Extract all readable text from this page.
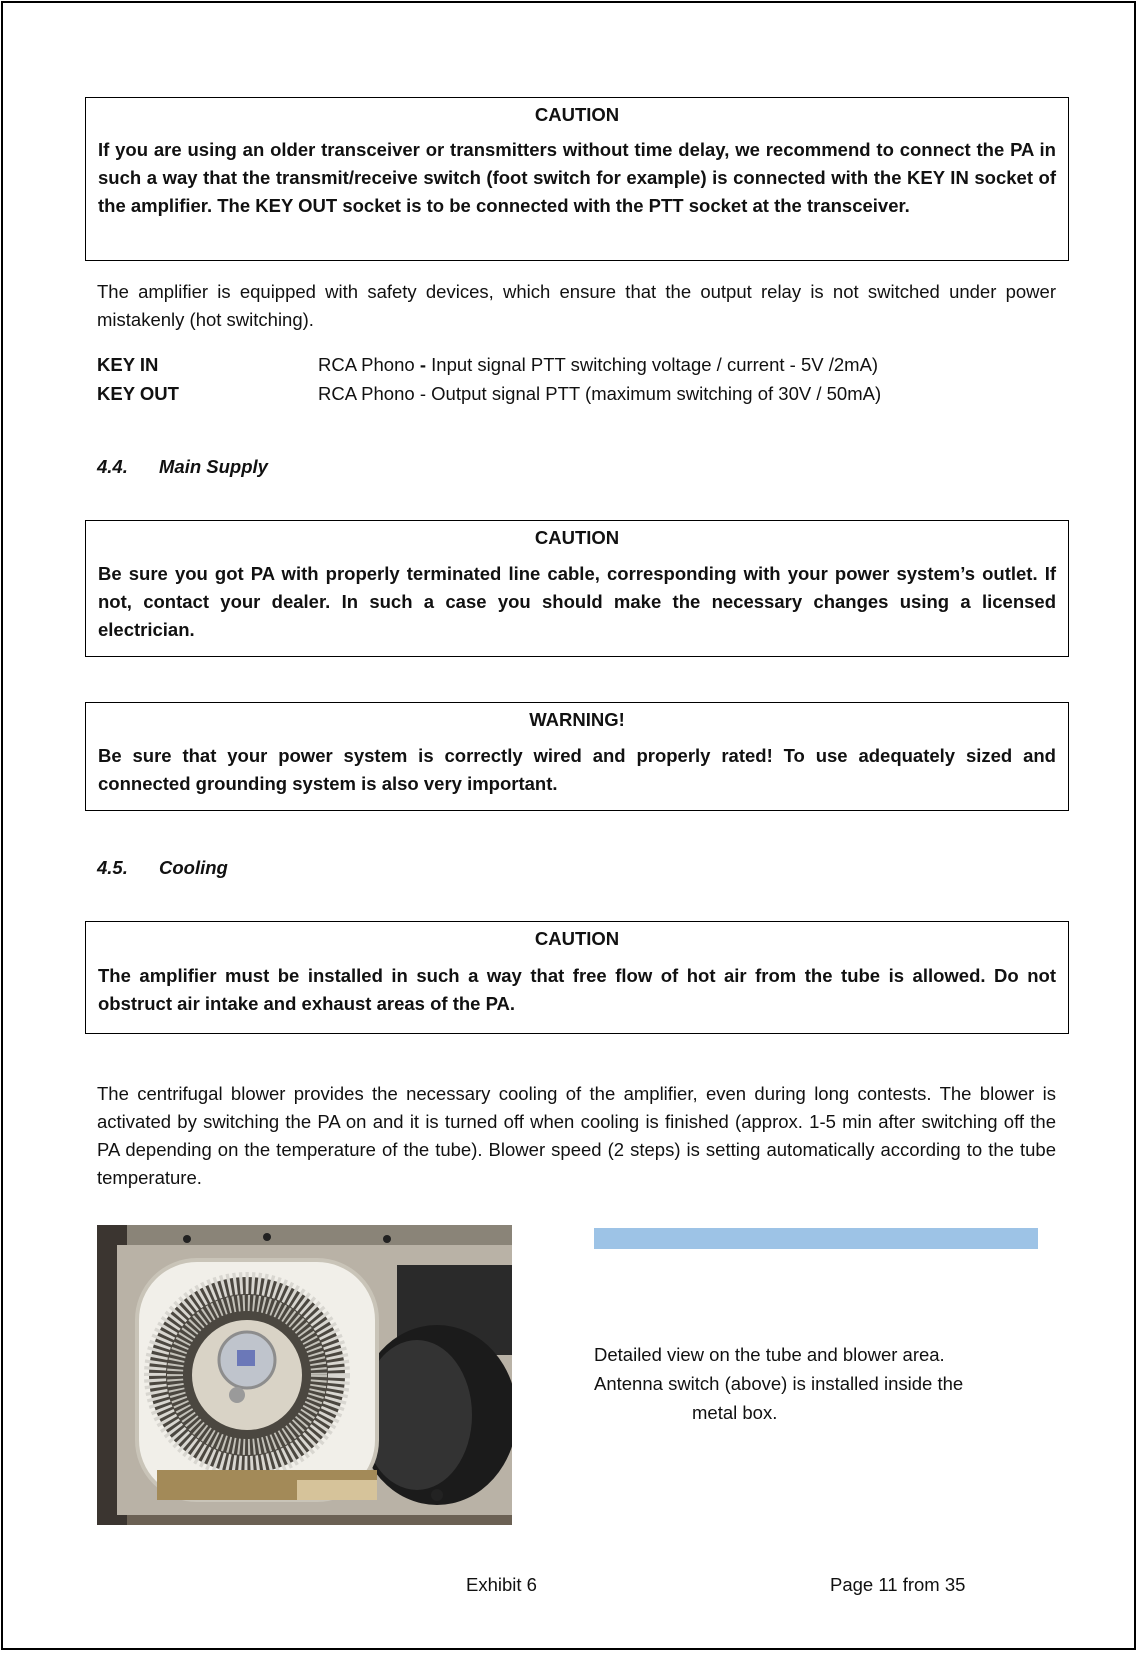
CAUTION
If you are using an older transceiver or transmitters without time delay, we recommend to connect the PA in such a way that the transmit/receive switch (foot switch for example) is connected with the KEY IN socket of the amplifier. The KEY OUT socket is to be connected with the PTT socket at the transceiver.
The amplifier is equipped with safety devices, which ensure that the output relay is not switched under power mistakenly (hot switching).
KEY IN	RCA Phono - Input signal PTT switching voltage / current - 5V /2mA)
KEY OUT	RCA Phono - Output signal PTT (maximum switching of 30V / 50mA)
4.4. Main Supply
CAUTION
Be sure you got PA with properly terminated line cable, corresponding with your power system’s outlet. If not, contact your dealer. In such a case you should make the necessary changes using a licensed electrician.
WARNING!
Be sure that your power system is correctly wired and properly rated! To use adequately sized and connected grounding system is also very important.
4.5. Cooling
CAUTION
The amplifier must be installed in such a way that free flow of hot air from the tube is allowed. Do not obstruct air intake and exhaust areas of the PA.
The centrifugal blower provides the necessary cooling of the amplifier, even during long contests. The blower is activated by switching the PA on and it is turned off when cooling is finished (approx. 1-5 min after switching off the PA depending on the temperature of the tube). Blower speed (2 steps) is setting automatically according to the tube temperature.
Detailed view on the tube and blower area.
Antenna switch (above) is installed inside the
metal box.
Exhibit 6	Page 11 from 35
